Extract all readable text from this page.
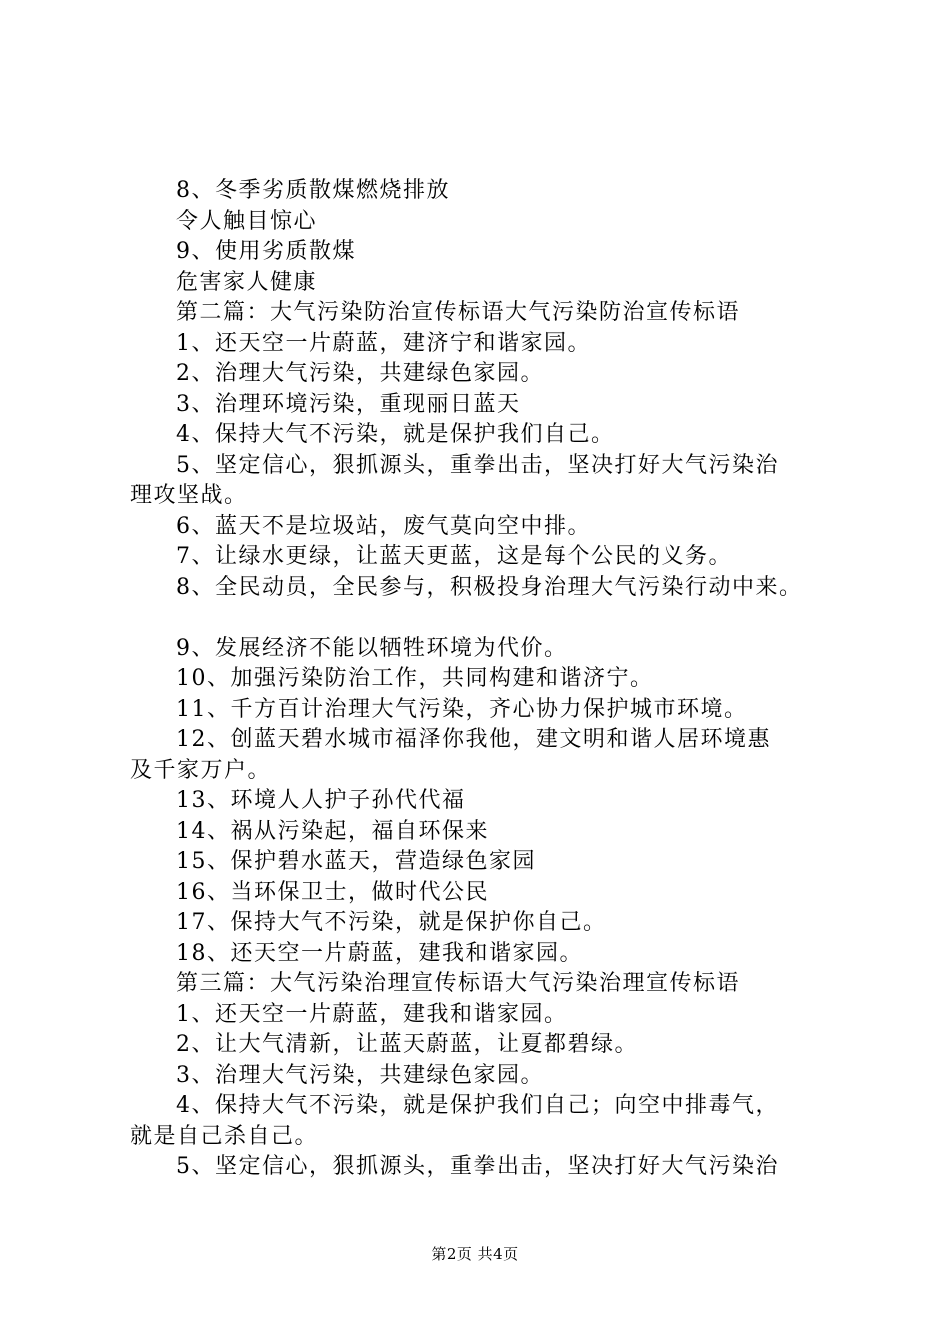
8、冬季劣质散煤燃烧排放
令人触目惊心
9、使用劣质散煤
危害家人健康
第二篇：大气污染防治宣传标语大气污染防治宣传标语
1、还天空一片蔚蓝，建济宁和谐家园。
2、治理大气污染，共建绿色家园。
3、治理环境污染，重现丽日蓝天
4、保持大气不污染，就是保护我们自己。
5、坚定信心，狠抓源头，重拳出击，坚决打好大气污染治
理攻坚战。
6、蓝天不是垃圾站，废气莫向空中排。
7、让绿水更绿，让蓝天更蓝，这是每个公民的义务。
8、全民动员，全民参与，积极投身治理大气污染行动中来。
9、发展经济不能以牺牲环境为代价。
10、加强污染防治工作，共同构建和谐济宁。
11、千方百计治理大气污染，齐心协力保护城市环境。
12、创蓝天碧水城市福泽你我他，建文明和谐人居环境惠
及千家万户。
13、环境人人护子孙代代福
14、祸从污染起，福自环保来
15、保护碧水蓝天，营造绿色家园
16、当环保卫士，做时代公民
17、保持大气不污染，就是保护你自己。
18、还天空一片蔚蓝，建我和谐家园。
第三篇：大气污染治理宣传标语大气污染治理宣传标语
1、还天空一片蔚蓝，建我和谐家园。
2、让大气清新，让蓝天蔚蓝，让夏都碧绿。
3、治理大气污染，共建绿色家园。
4、保持大气不污染，就是保护我们自己；向空中排毒气，
就是自己杀自己。
5、坚定信心，狠抓源头，重拳出击，坚决打好大气污染治
第2页 共4页
